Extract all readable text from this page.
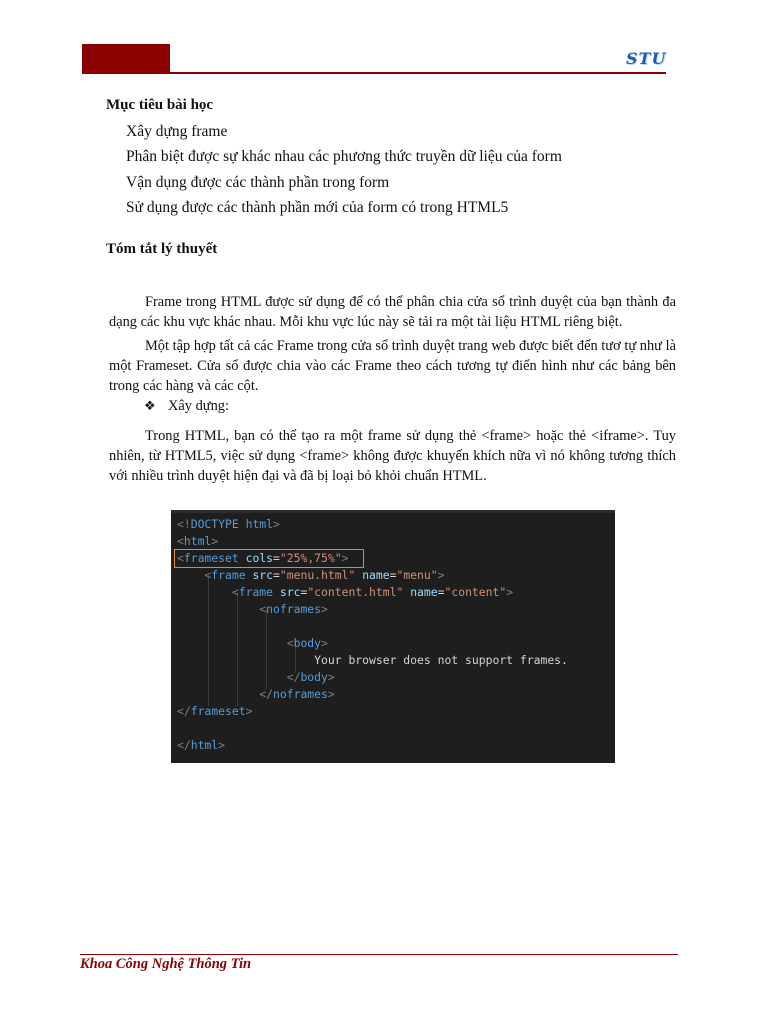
STU
Mục tiêu bài học
Xây dựng frame
Phân biệt được sự khác nhau các phương thức truyền dữ liệu của form
Vận dụng được các thành phần trong form
Sử dụng được các thành phần mới của form có trong HTML5
Tóm tắt lý thuyết
Frame trong HTML được sử dụng để có thể phân chia cửa sổ trình duyệt của bạn thành đa dạng các khu vực khác nhau. Mỗi khu vực lúc này sẽ tải ra một tài liệu HTML riêng biệt.
Một tập hợp tất cả các Frame trong cửa sổ trình duyệt trang web được biết đến tươ tự như là một Frameset. Cửa sổ được chia vào các Frame theo cách tương tự điển hình như các bảng bên trong các hàng và các cột.
❖ Xây dựng:
Trong HTML, bạn có thể tạo ra một frame sử dụng thẻ <frame> hoặc thẻ <iframe>. Tuy nhiên, từ HTML5, việc sử dụng <frame> không được khuyến khích nữa vì nó không tương thích với nhiều trình duyệt hiện đại và đã bị loại bỏ khỏi chuẩn HTML.
<!DOCTYPE html>
<html>
<frameset cols="25%,75%">
<frame src="menu.html" name="menu">
<frame src="content.html" name="content">
<noframes>
<body>
Your browser does not support frames.
</body>
</noframes>
</frameset>
</html>
Khoa Công Nghệ Thông Tin
